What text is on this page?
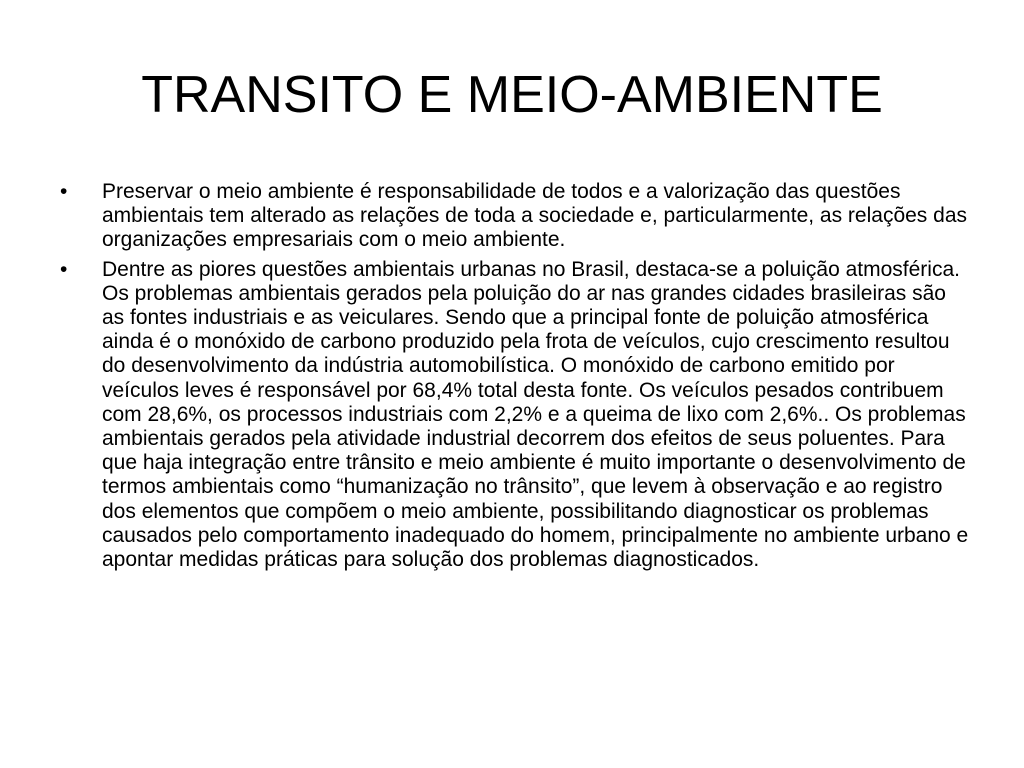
TRANSITO E MEIO-AMBIENTE
•	Preservar o meio ambiente é responsabilidade de todos e a valorização das questões ambientais tem alterado as relações de toda a sociedade e, particularmente, as relações das organizações empresariais com o meio ambiente.
•	Dentre as piores questões ambientais urbanas no Brasil, destaca-se a poluição atmosférica. Os problemas ambientais gerados pela poluição do ar nas grandes cidades brasileiras são as fontes industriais e as veiculares. Sendo que a principal fonte de poluição atmosférica ainda é o monóxido de carbono produzido pela frota de veículos, cujo crescimento resultou do desenvolvimento da indústria automobilística. O monóxido de carbono emitido por veículos leves é responsável por 68,4% total desta fonte. Os veículos pesados contribuem com 28,6%, os processos industriais com 2,2% e a queima de lixo com 2,6%.. Os problemas ambientais gerados pela atividade industrial decorrem dos efeitos de seus poluentes. Para que haja integração entre trânsito e meio ambiente é muito importante o desenvolvimento de termos ambientais como “humanização no trânsito”, que levem à observação e ao registro dos elementos que compõem o meio ambiente, possibilitando diagnosticar os problemas causados pelo comportamento inadequado do homem, principalmente no ambiente urbano e apontar medidas práticas para solução dos problemas diagnosticados.
